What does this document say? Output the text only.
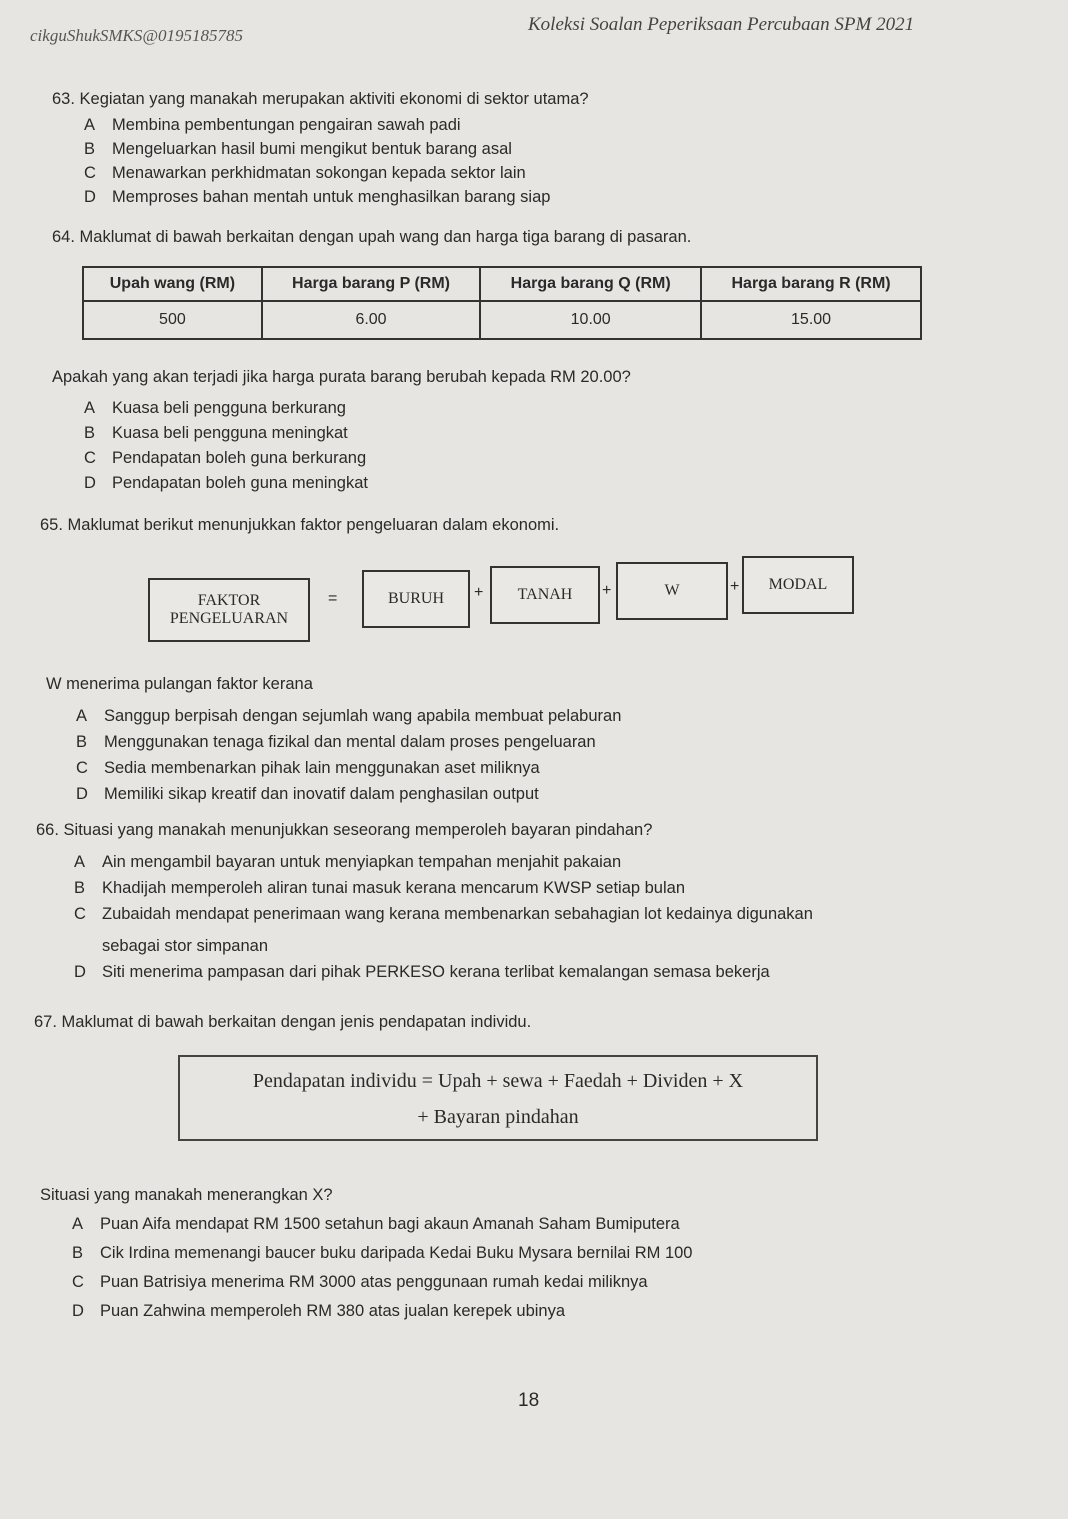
cikguShukSMKS@0195185785
Koleksi Soalan Peperiksaan Percubaan SPM 2021
63. Kegiatan yang manakah merupakan aktiviti ekonomi di sektor utama?
A Membina pembentungan pengairan sawah padi
B Mengeluarkan hasil bumi mengikut bentuk barang asal
C Menawarkan perkhidmatan sokongan kepada sektor lain
D Memproses bahan mentah untuk menghasilkan barang siap
64. Maklumat di bawah berkaitan dengan upah wang dan harga tiga barang di pasaran.
Upah wang (RM)	Harga barang P (RM)	Harga barang Q (RM)	Harga barang R (RM)
500	6.00	10.00	15.00
Apakah yang akan terjadi jika harga purata barang berubah kepada RM 20.00?
A Kuasa beli pengguna berkurang
B Kuasa beli pengguna meningkat
C Pendapatan boleh guna berkurang
D Pendapatan boleh guna meningkat
65. Maklumat berikut menunjukkan faktor pengeluaran dalam ekonomi.
FAKTOR
PENGELUARAN
=	BURUH	+	TANAH	+	W	+	MODAL
W menerima pulangan faktor kerana
A Sanggup berpisah dengan sejumlah wang apabila membuat pelaburan
B Menggunakan tenaga fizikal dan mental dalam proses pengeluaran
C Sedia membenarkan pihak lain menggunakan aset miliknya
D Memiliki sikap kreatif dan inovatif dalam penghasilan output
66. Situasi yang manakah menunjukkan seseorang memperoleh bayaran pindahan?
A Ain mengambil bayaran untuk menyiapkan tempahan menjahit pakaian
B Khadijah memperoleh aliran tunai masuk kerana mencarum KWSP setiap bulan
C Zubaidah mendapat penerimaan wang kerana membenarkan sebahagian lot kedainya digunakan
sebagai stor simpanan
D Siti menerima pampasan dari pihak PERKESO kerana terlibat kemalangan semasa bekerja
67. Maklumat di bawah berkaitan dengan jenis pendapatan individu.
Pendapatan individu = Upah + sewa + Faedah + Dividen + X
+ Bayaran pindahan
Situasi yang manakah menerangkan X?
A Puan Aifa mendapat RM 1500 setahun bagi akaun Amanah Saham Bumiputera
B Cik Irdina memenangi baucer buku daripada Kedai Buku Mysara bernilai RM 100
C Puan Batrisiya menerima RM 3000 atas penggunaan rumah kedai miliknya
D Puan Zahwina memperoleh RM 380 atas jualan kerepek ubinya
18
